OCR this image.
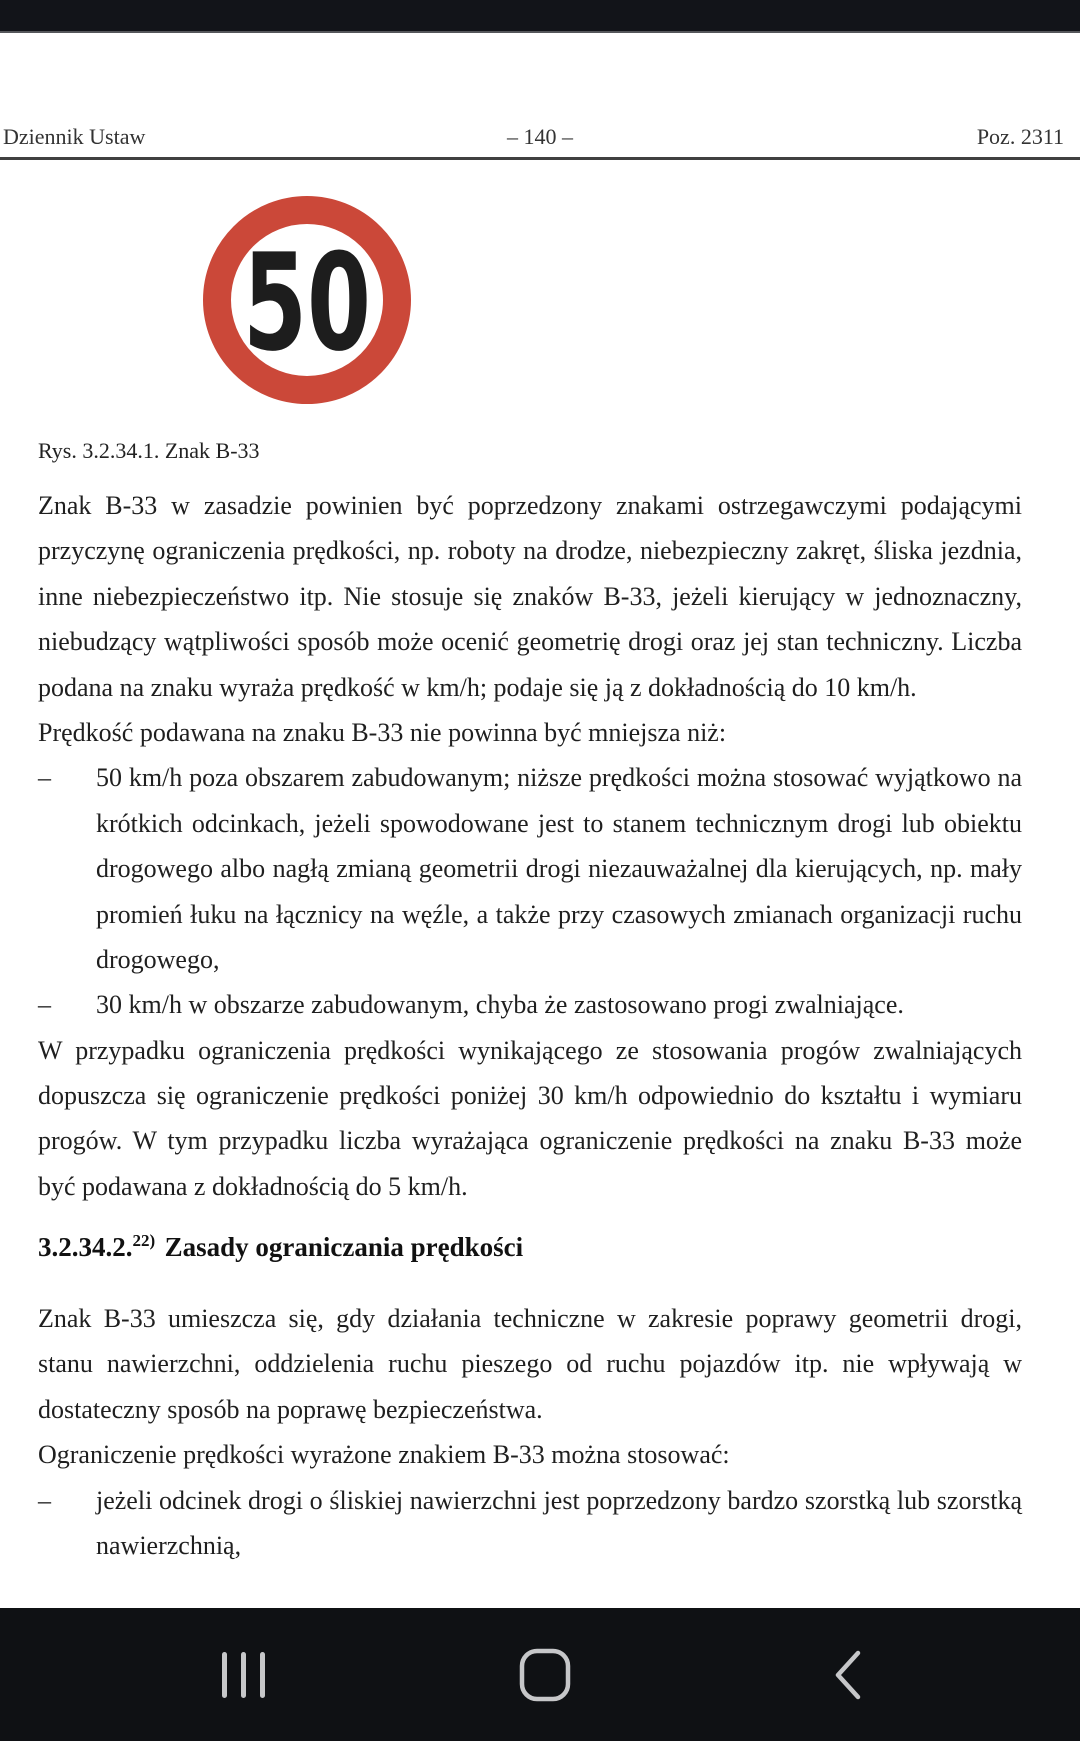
Dziennik Ustaw	– 140 –	Poz. 2311
50
Rys. 3.2.34.1. Znak B-33
Znak B-33 w zasadzie powinien być poprzedzony znakami ostrzegawczymi podającymi
przyczynę ograniczenia prędkości, np. roboty na drodze, niebezpieczny zakręt, śliska jezdnia,
inne niebezpieczeństwo itp. Nie stosuje się znaków B-33, jeżeli kierujący w jednoznaczny,
niebudzący wątpliwości sposób może ocenić geometrię drogi oraz jej stan techniczny. Liczba
podana na znaku wyraża prędkość w km/h; podaje się ją z dokładnością do 10 km/h.
Prędkość podawana na znaku B-33 nie powinna być mniejsza niż:
– 50 km/h poza obszarem zabudowanym; niższe prędkości można stosować wyjątkowo na
krótkich odcinkach, jeżeli spowodowane jest to stanem technicznym drogi lub obiektu
drogowego albo nagłą zmianą geometrii drogi niezauważalnej dla kierujących, np. mały
promień łuku na łącznicy na węźle, a także przy czasowych zmianach organizacji ruchu
drogowego,
– 30 km/h w obszarze zabudowanym, chyba że zastosowano progi zwalniające.
W przypadku ograniczenia prędkości wynikającego ze stosowania progów zwalniających
dopuszcza się ograniczenie prędkości poniżej 30 km/h odpowiednio do kształtu i wymiaru
progów. W tym przypadku liczba wyrażająca ograniczenie prędkości na znaku B-33 może
być podawana z dokładnością do 5 km/h.
3.2.34.2.$^{22)}$ Zasady ograniczania prędkości
Znak B-33 umieszcza się, gdy działania techniczne w zakresie poprawy geometrii drogi,
stanu nawierzchni, oddzielenia ruchu pieszego od ruchu pojazdów itp. nie wpływają w
dostateczny sposób na poprawę bezpieczeństwa.
Ograniczenie prędkości wyrażone znakiem B-33 można stosować:
– jeżeli odcinek drogi o śliskiej nawierzchni jest poprzedzony bardzo szorstką lub szorstką
nawierzchnią,
